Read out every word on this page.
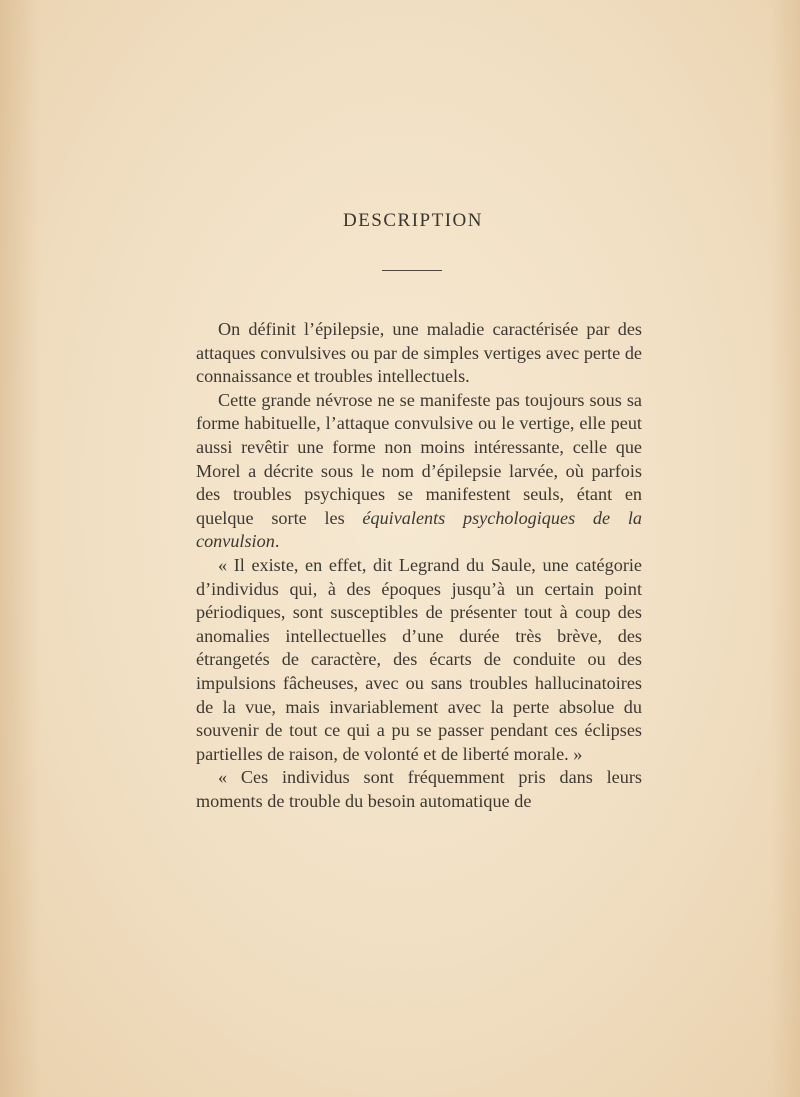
DESCRIPTION

On définit l’épilepsie, une maladie caractérisée par des attaques convulsives ou par de simples vertiges avec perte de connaissance et troubles intellectuels.

Cette grande névrose ne se manifeste pas toujours sous sa forme habituelle, l’attaque convulsive ou le vertige, elle peut aussi revêtir une forme non moins intéressante, celle que Morel a décrite sous le nom d’épilepsie larvée, où parfois des troubles psychiques se manifestent seuls, étant en quelque sorte les équivalents psychologiques de la convulsion.

« Il existe, en effet, dit Legrand du Saule, une catégorie d’individus qui, à des époques jusqu’à un certain point périodiques, sont susceptibles de présenter tout à coup des anomalies intellectuelles d’une durée très brève, des étrangetés de caractère, des écarts de conduite ou des impulsions fâcheuses, avec ou sans troubles hallucinatoires de la vue, mais invariablement avec la perte absolue du souvenir de tout ce qui a pu se passer pendant ces éclipses partielles de raison, de volonté et de liberté morale. »

« Ces individus sont fréquemment pris dans leurs moments de trouble du besoin automatique de
